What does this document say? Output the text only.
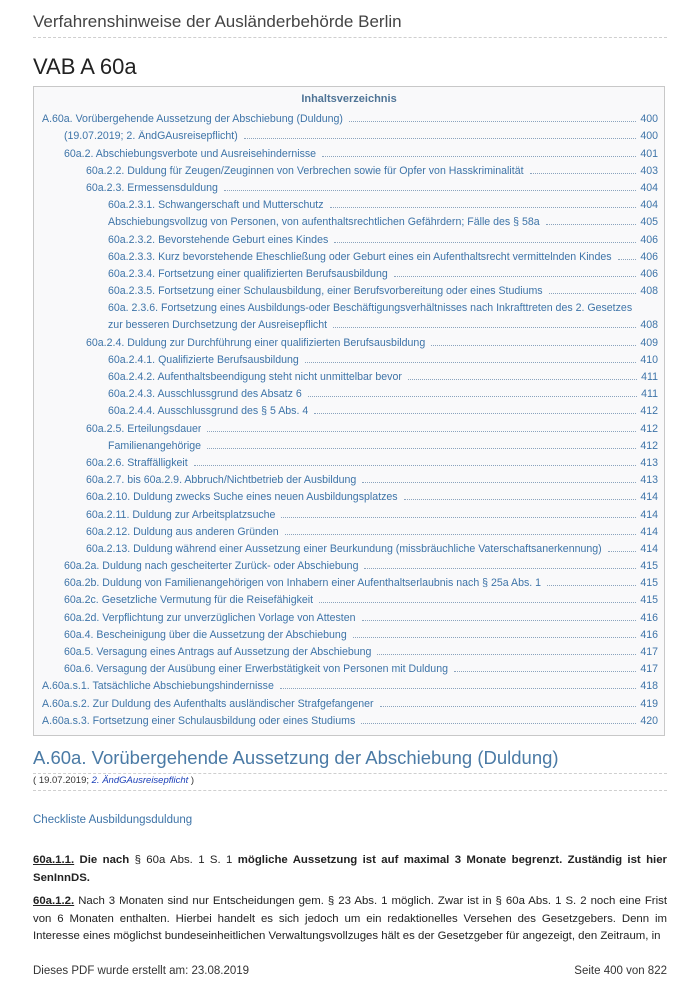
Verfahrenshinweise der Ausländerbehörde Berlin
VAB A 60a
Inhaltsverzeichnis
A.60a. Vorübergehende Aussetzung der Abschiebung (Duldung)	400
(19.07.2019; 2. ÄndGAusreisepflicht)	400
60a.2. Abschiebungsverbote und Ausreisehindernisse	401
60a.2.2. Duldung für Zeugen/Zeuginnen von Verbrechen sowie für Opfer von Hasskriminalität	403
60a.2.3. Ermessensduldung	404
60a.2.3.1. Schwangerschaft und Mutterschutz	404
Abschiebungsvollzug von Personen, von aufenthaltsrechtlichen Gefährdern; Fälle des § 58a	405
60a.2.3.2. Bevorstehende Geburt eines Kindes	406
60a.2.3.3. Kurz bevorstehende Eheschließung oder Geburt eines ein Aufenthaltsrecht vermittelnden Kindes	406
60a.2.3.4. Fortsetzung einer qualifizierten Berufsausbildung	406
60a.2.3.5. Fortsetzung einer Schulausbildung, einer Berufsvorbereitung oder eines Studiums	408
60a. 2.3.6. Fortsetzung eines Ausbildungs-oder Beschäftigungsverhältnisses nach Inkrafttreten des 2. Gesetzes
zur besseren Durchsetzung der Ausreisepflicht	408
60a.2.4. Duldung zur Durchführung einer qualifizierten Berufsausbildung	409
60a.2.4.1. Qualifizierte Berufsausbildung	410
60a.2.4.2. Aufenthaltsbeendigung steht nicht unmittelbar bevor	411
60a.2.4.3. Ausschlussgrund des Absatz 6	411
60a.2.4.4. Ausschlussgrund des § 5 Abs. 4	412
60a.2.5. Erteilungsdauer	412
Familienangehörige	412
60a.2.6. Straffälligkeit	413
60a.2.7. bis 60a.2.9. Abbruch/Nichtbetrieb der Ausbildung	413
60a.2.10. Duldung zwecks Suche eines neuen Ausbildungsplatzes	414
60a.2.11. Duldung zur Arbeitsplatzsuche	414
60a.2.12. Duldung aus anderen Gründen	414
60a.2.13. Duldung während einer Aussetzung einer Beurkundung (missbräuchliche Vaterschaftsanerkennung)	414
60a.2a. Duldung nach gescheiterter Zurück- oder Abschiebung	415
60a.2b. Duldung von Familienangehörigen von Inhabern einer Aufenthaltserlaubnis nach § 25a Abs. 1	415
60a.2c. Gesetzliche Vermutung für die Reisefähigkeit	415
60a.2d. Verpflichtung zur unverzüglichen Vorlage von Attesten	416
60a.4. Bescheinigung über die Aussetzung der Abschiebung	416
60a.5. Versagung eines Antrags auf Aussetzung der Abschiebung	417
60a.6. Versagung der Ausübung einer Erwerbstätigkeit von Personen mit Duldung	417
A.60a.s.1. Tatsächliche Abschiebungshindernisse	418
A.60a.s.2. Zur Duldung des Aufenthalts ausländischer Strafgefangener	419
A.60a.s.3. Fortsetzung einer Schulausbildung oder eines Studiums	420
A.60a. Vorübergehende Aussetzung der Abschiebung (Duldung)
( 19.07.2019; 2. ÄndGAusreisepflicht )
Checkliste Ausbildungsduldung
60a.1.1. Die nach § 60a Abs. 1 S. 1 mögliche Aussetzung ist auf maximal 3 Monate begrenzt. Zuständig ist hier SenInnDS.
60a.1.2. Nach 3 Monaten sind nur Entscheidungen gem. § 23 Abs. 1 möglich. Zwar ist in § 60a Abs. 1 S. 2 noch eine Frist von 6 Monaten enthalten. Hierbei handelt es sich jedoch um ein redaktionelles Versehen des Gesetzgebers. Denn im Interesse eines möglichst bundeseinheitlichen Verwaltungsvollzuges hält es der Gesetzgeber für angezeigt, den Zeitraum, in
Dieses PDF wurde erstellt am: 23.08.2019	Seite 400 von 822
